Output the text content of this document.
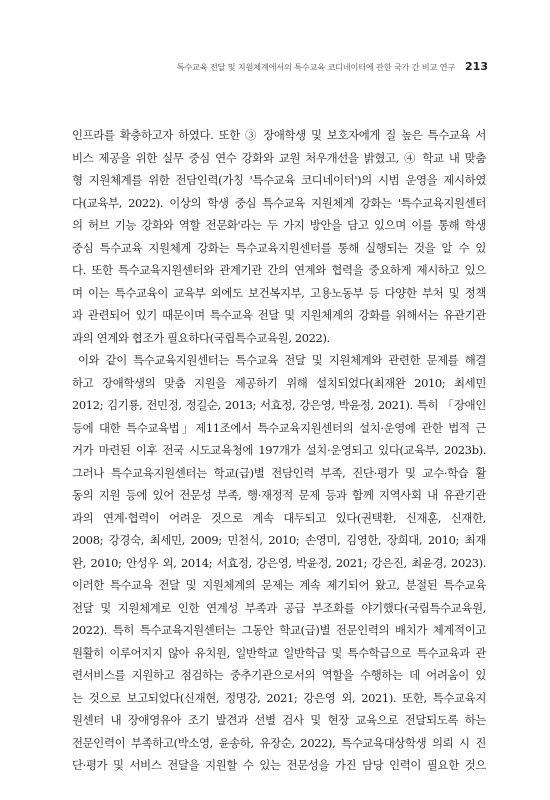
특수교육 전달 및 지원체계에서의 특수교육 코디네이터에 관한 국가 간 비교 연구 213
인프라를 확충하고자 하였다. 또한 ③ 장애학생 및 보호자에게 질 높은 특수교육 서
비스 제공을 위한 실무 중심 연수 강화와 교원 처우개선을 밝혔고, ④ 학교 내 맞춤
형 지원체계를 위한 전담인력(가칭 '특수교육 코디네이터')의 시범 운영을 제시하였
다(교육부, 2022). 이상의 학생 중심 특수교육 지원체계 강화는 '특수교육지원센터
의 허브 기능 강화와 역할 전문화'라는 두 가지 방안을 담고 있으며 이를 통해 학생
중심 특수교육 지원체계 강화는 특수교육지원센터를 통해 실행되는 것을 알 수 있
다. 또한 특수교육지원센터와 관계기관 간의 연계와 협력을 중요하게 제시하고 있으
며 이는 특수교육이 교육부 외에도 보건복지부, 고용노동부 등 다양한 부처 및 정책
과 관련되어 있기 때문이며 특수교육 전달 및 지원체계의 강화를 위해서는 유관기관
과의 연계와 협조가 필요하다(국립특수교육원, 2022).
이와 같이 특수교육지원센터는 특수교육 전달 및 지원체계와 관련한 문제를 해결
하고 장애학생의 맞춤 지원을 제공하기 위해 설치되었다(최재완 2010; 최세민
2012; 김기룡, 전민정, 정길순, 2013; 서효정, 강은영, 박윤정, 2021). 특히 「장애인
등에 대한 특수교육법」제11조에서 특수교육지원센터의 설치·운영에 관한 법적 근
거가 마련된 이후 전국 시도교육청에 197개가 설치·운영되고 있다(교육부, 2023b).
그러나 특수교육지원센터는 학교(급)별 전담인력 부족, 진단·평가 및 교수·학습 활
동의 지원 등에 있어 전문성 부족, 행·재정적 문제 등과 함께 지역사회 내 유관기관
과의 연계·협력이 어려운 것으로 계속 대두되고 있다(권택환, 신재훈, 신재한,
2008; 강경숙, 최세민, 2009; 민천식, 2010; 손영미, 김영한, 장희대, 2010; 최재
완, 2010; 안성우 외, 2014; 서효정, 강은영, 박윤정, 2021; 강은진, 최윤경, 2023).
이러한 특수교육 전달 및 지원체계의 문제는 계속 제기되어 왔고, 분절된 특수교육
전달 및 지원체계로 인한 연계성 부족과 공급 부조화를 야기했다(국립특수교육원,
2022). 특히 특수교육지원센터는 그동안 학교(급)별 전문인력의 배치가 체계적이고
원활히 이루어지지 않아 유치원, 일반학교 일반학급 및 특수학급으로 특수교육과 관
련서비스를 지원하고 점검하는 중추기관으로서의 역할을 수행하는 데 어려움이 있
는 것으로 보고되었다(신재현, 정명강, 2021; 강은영 외, 2021). 또한, 특수교육지
원센터 내 장애영유아 조기 발견과 선별 검사 및 현장 교육으로 전달되도록 하는
전문인력이 부족하고(박소영, 윤송하, 유장순, 2022), 특수교육대상학생 의뢰 시 진
단·평가 및 서비스 전달을 지원할 수 있는 전문성을 가진 담당 인력이 필요한 것으
